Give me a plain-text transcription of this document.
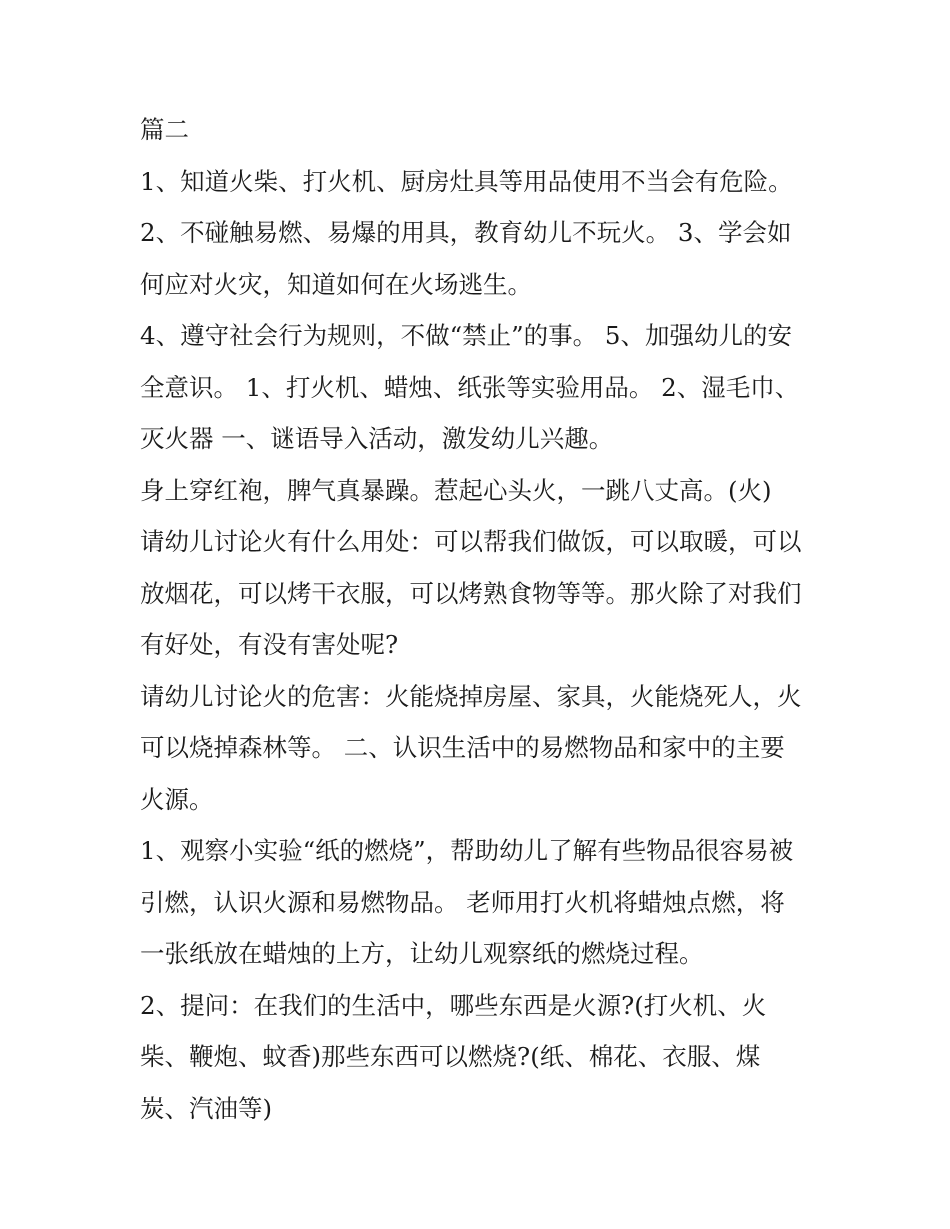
篇二
1、知道火柴、打火机、厨房灶具等用品使用不当会有危险。
2、不碰触易燃、易爆的用具，教育幼儿不玩火。 3、学会如
何应对火灾，知道如何在火场逃生。
4、遵守社会行为规则，不做“禁止”的事。 5、加强幼儿的安
全意识。 1、打火机、蜡烛、纸张等实验用品。 2、湿毛巾、
灭火器 一、谜语导入活动，激发幼儿兴趣。
身上穿红袍，脾气真暴躁。惹起心头火，一跳八丈高。(火)
请幼儿讨论火有什么用处：可以帮我们做饭，可以取暖，可以
放烟花，可以烤干衣服，可以烤熟食物等等。那火除了对我们
有好处，有没有害处呢?
请幼儿讨论火的危害：火能烧掉房屋、家具，火能烧死人，火
可以烧掉森林等。 二、认识生活中的易燃物品和家中的主要
火源。
1、观察小实验“纸的燃烧”，帮助幼儿了解有些物品很容易被
引燃，认识火源和易燃物品。 老师用打火机将蜡烛点燃，将
一张纸放在蜡烛的上方，让幼儿观察纸的燃烧过程。
2、提问：在我们的生活中，哪些东西是火源?(打火机、火
柴、鞭炮、蚊香)那些东西可以燃烧?(纸、棉花、衣服、煤
炭、汽油等)
